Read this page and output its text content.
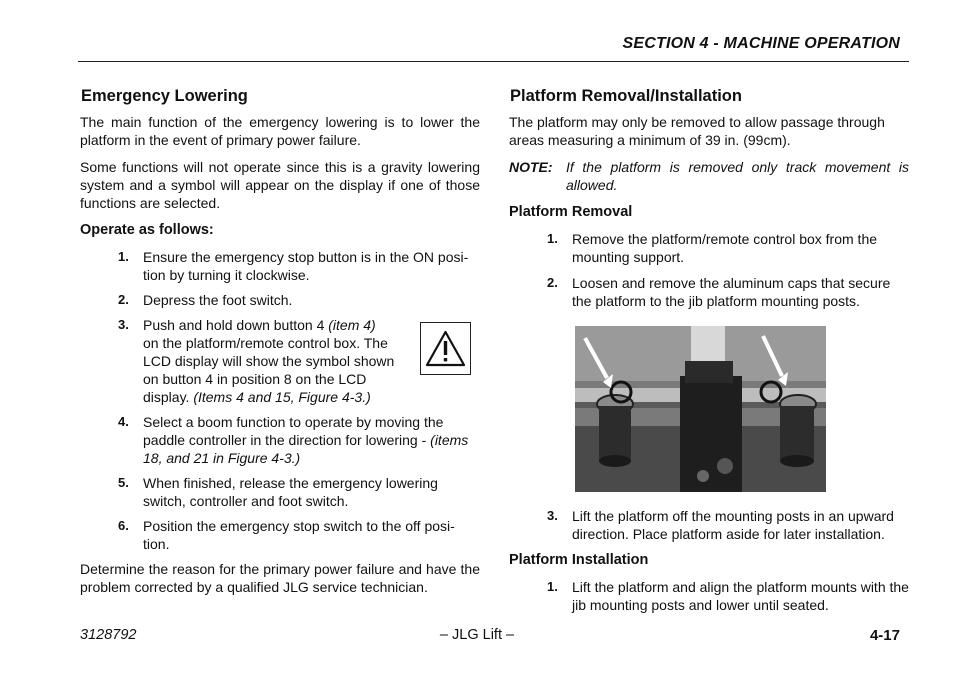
SECTION 4 - MACHINE OPERATION
Emergency Lowering

The main function of the emergency lowering is to lower the platform in the event of primary power failure.

Some functions will not operate since this is a gravity lowering system and a symbol will appear on the display if one of those functions are selected.

Operate as follows:
1. Ensure the emergency stop button is in the ON posi-tion by turning it clockwise.
2. Depress the foot switch.
3. Push and hold down button 4 (item 4) on the platform/remote control box. The LCD display will show the symbol shown on button 4 in position 8 on the LCD display. (Items 4 and 15, Figure 4-3.)
4. Select a boom function to operate by moving the paddle controller in the direction for lowering - (items 18, and 21 in Figure 4-3.)
5. When finished, release the emergency lowering switch, controller and foot switch.
6. Position the emergency stop switch to the off posi-tion.

Determine the reason for the primary power failure and have the problem corrected by a qualified JLG service technician.

Platform Removal/Installation

The platform may only be removed to allow passage through areas measuring a minimum of 39 in. (99cm).

NOTE: If the platform is removed only track movement is allowed.
Platform Removal
1. Remove the platform/remote control box from the mounting support.
2. Loosen and remove the aluminum caps that secure the platform to the jib platform mounting posts.
3. Lift the platform off the mounting posts in an upward direction. Place platform aside for later installation.
Platform Installation
1. Lift the platform and align the platform mounts with the jib mounting posts and lower until seated.
3128792	– JLG Lift –	4-17
